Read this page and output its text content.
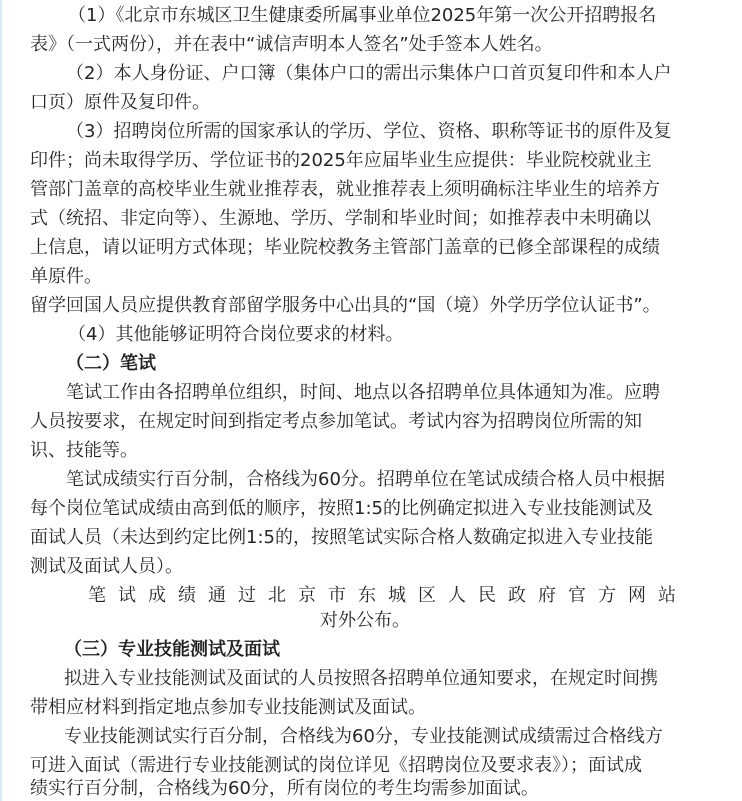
（1）《北京市东城区卫生健康委所属事业单位2025年第一次公开招聘报名
表》（一式两份），并在表中“诚信声明本人签名”处手签本人姓名。
（2）本人身份证、户口簿（集体户口的需出示集体户口首页复印件和本人户
口页）原件及复印件。
（3）招聘岗位所需的国家承认的学历、学位、资格、职称等证书的原件及复
印件；尚未取得学历、学位证书的2025年应届毕业生应提供：毕业院校就业主
管部门盖章的高校毕业生就业推荐表，就业推荐表上须明确标注毕业生的培养方
式（统招、非定向等）、生源地、学历、学制和毕业时间；如推荐表中未明确以
上信息，请以证明方式体现；毕业院校教务主管部门盖章的已修全部课程的成绩
单原件。
留学回国人员应提供教育部留学服务中心出具的“国（境）外学历学位认证书”。
（4）其他能够证明符合岗位要求的材料。
（二）笔试
笔试工作由各招聘单位组织，时间、地点以各招聘单位具体通知为准。应聘
人员按要求，在规定时间到指定考点参加笔试。考试内容为招聘岗位所需的知
识、技能等。
笔试成绩实行百分制，合格线为60分。招聘单位在笔试成绩合格人员中根据
每个岗位笔试成绩由高到低的顺序，按照1:5的比例确定拟进入专业技能测试及
面试人员（未达到约定比例1:5的，按照笔试实际合格人数确定拟进入专业技能
测试及面试人员）。
笔试成绩通过北京市东城区人民政府官方网站
对外公布。
（三）专业技能测试及面试
拟进入专业技能测试及面试的人员按照各招聘单位通知要求，在规定时间携
带相应材料到指定地点参加专业技能测试及面试。
专业技能测试实行百分制，合格线为60分，专业技能测试成绩需过合格线方
可进入面试（需进行专业技能测试的岗位详见《招聘岗位及要求表》）；面试成
绩实行百分制，合格线为60分，所有岗位的考生均需参加面试。
